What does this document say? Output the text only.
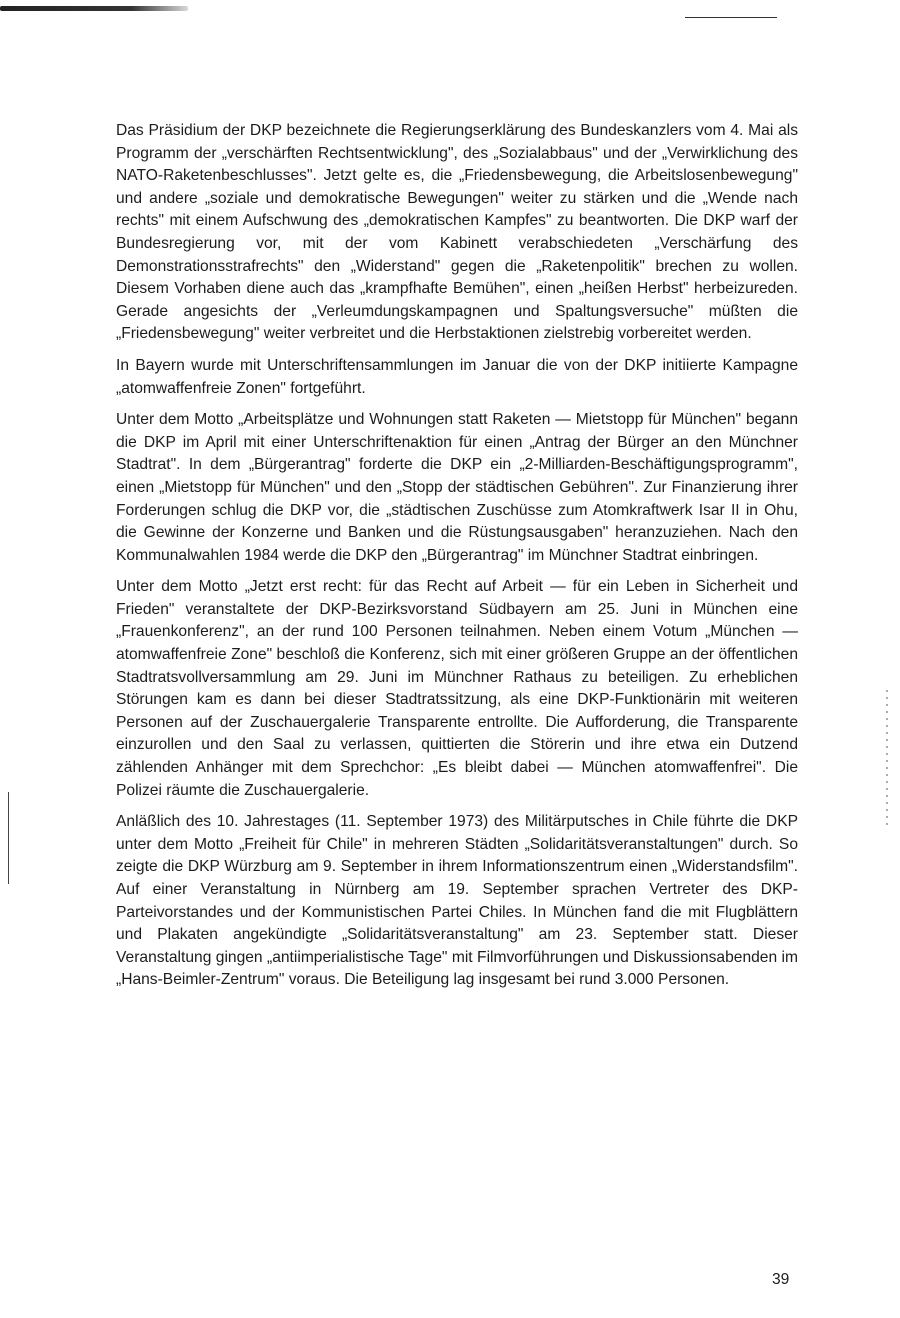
Das Präsidium der DKP bezeichnete die Regierungserklärung des Bundeskanzlers vom 4. Mai als Programm der „verschärften Rechtsentwicklung", des „Sozialabbaus" und der „Verwirklichung des NATO-Raketenbeschlusses". Jetzt gelte es, die „Friedensbewegung, die Arbeitslosenbewegung" und andere „soziale und demokratische Bewegungen" weiter zu stärken und die „Wende nach rechts" mit einem Aufschwung des „demokratischen Kampfes" zu beantworten. Die DKP warf der Bundesregierung vor, mit der vom Kabinett verabschiedeten „Verschärfung des Demonstrationsstrafrechts" den „Widerstand" gegen die „Raketenpolitik" brechen zu wollen. Diesem Vorhaben diene auch das „krampfhafte Bemühen", einen „heißen Herbst" herbeizureden. Gerade angesichts der „Verleumdungskampagnen und Spaltungsversuche" müßten die „Friedensbewegung" weiter verbreitet und die Herbstaktionen zielstrebig vorbereitet werden.

In Bayern wurde mit Unterschriftensammlungen im Januar die von der DKP initiierte Kampagne „atomwaffenfreie Zonen" fortgeführt.

Unter dem Motto „Arbeitsplätze und Wohnungen statt Raketen — Mietstopp für München" begann die DKP im April mit einer Unterschriftenaktion für einen „Antrag der Bürger an den Münchner Stadtrat". In dem „Bürgerantrag" forderte die DKP ein „2-Milliarden-Beschäftigungsprogramm", einen „Mietstopp für München" und den „Stopp der städtischen Gebühren". Zur Finanzierung ihrer Forderungen schlug die DKP vor, die „städtischen Zuschüsse zum Atomkraftwerk Isar II in Ohu, die Gewinne der Konzerne und Banken und die Rüstungsausgaben" heranzuziehen. Nach den Kommunalwahlen 1984 werde die DKP den „Bürgerantrag" im Münchner Stadtrat einbringen.

Unter dem Motto „Jetzt erst recht: für das Recht auf Arbeit — für ein Leben in Sicherheit und Frieden" veranstaltete der DKP-Bezirksvorstand Südbayern am 25. Juni in München eine „Frauenkonferenz", an der rund 100 Personen teilnahmen. Neben einem Votum „München — atomwaffenfreie Zone" beschloß die Konferenz, sich mit einer größeren Gruppe an der öffentlichen Stadtratsvollversammlung am 29. Juni im Münchner Rathaus zu beteiligen. Zu erheblichen Störungen kam es dann bei dieser Stadtratssitzung, als eine DKP-Funktionärin mit weiteren Personen auf der Zuschauergalerie Transparente entrollte. Die Aufforderung, die Transparente einzurollen und den Saal zu verlassen, quittierten die Störerin und ihre etwa ein Dutzend zählenden Anhänger mit dem Sprechchor: „Es bleibt dabei — München atomwaffenfrei". Die Polizei räumte die Zuschauergalerie.

Anläßlich des 10. Jahrestages (11. September 1973) des Militärputsches in Chile führte die DKP unter dem Motto „Freiheit für Chile" in mehreren Städten „Solidaritätsveranstaltungen" durch. So zeigte die DKP Würzburg am 9. September in ihrem Informationszentrum einen „Widerstandsfilm". Auf einer Veranstaltung in Nürnberg am 19. September sprachen Vertreter des DKP-Parteivorstandes und der Kommunistischen Partei Chiles. In München fand die mit Flugblättern und Plakaten angekündigte „Solidaritätsveranstaltung" am 23. September statt. Dieser Veranstaltung gingen „antiimperialistische Tage" mit Filmvorführungen und Diskussionsabenden im „Hans-Beimler-Zentrum" voraus. Die Beteiligung lag insgesamt bei rund 3.000 Personen.

39
